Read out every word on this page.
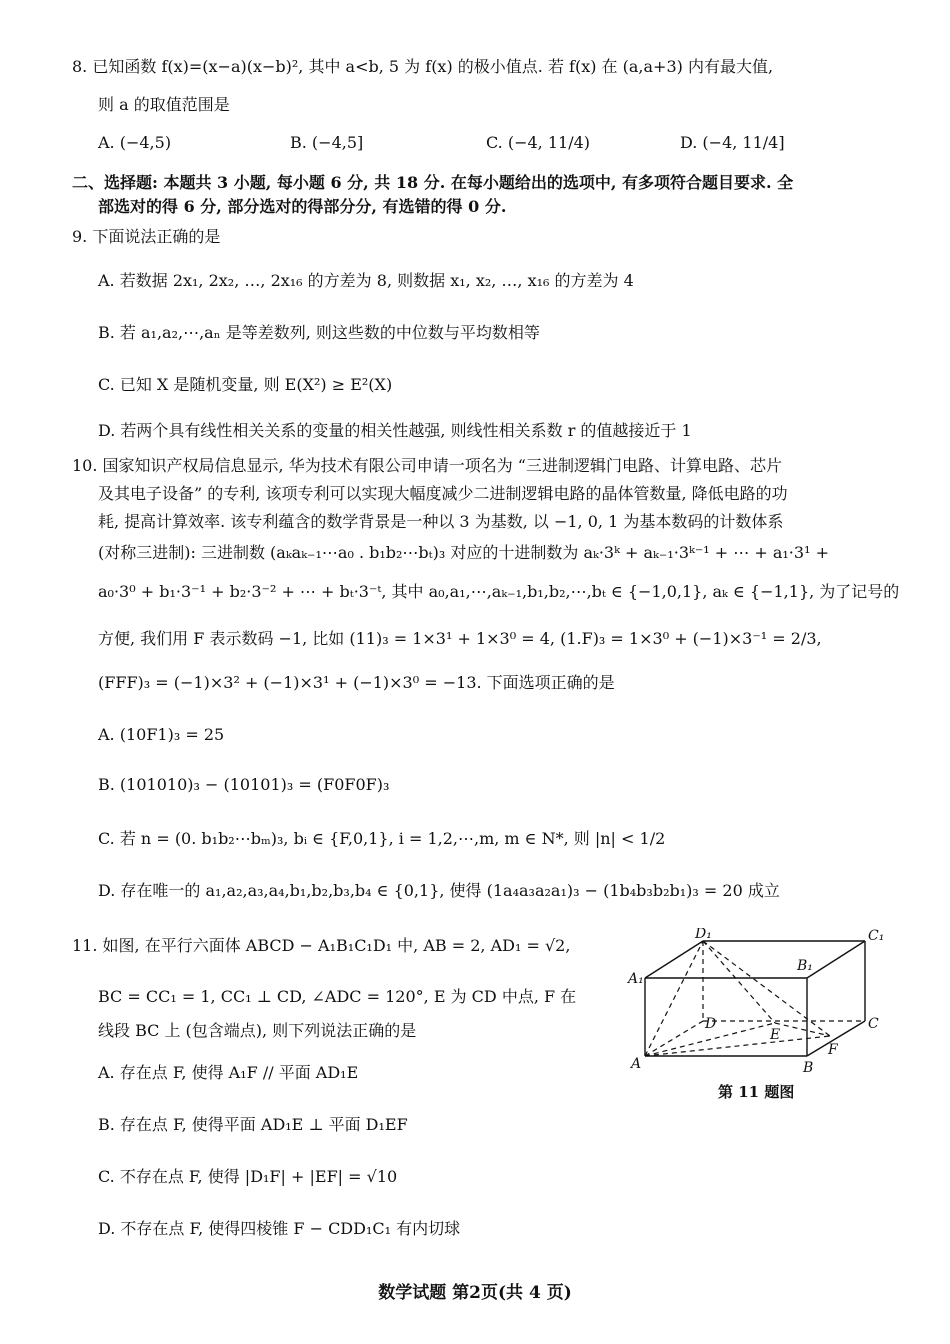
8. 已知函数 f(x)=(x−a)(x−b)², 其中 a<b, 5 为 f(x) 的极小值点. 若 f(x) 在 (a,a+3) 内有最大值,
则 a 的取值范围是
A. (−4,5)	B. (−4,5]	C. (−4, 11/4)	D. (−4, 11/4]
二、选择题: 本题共 3 小题, 每小题 6 分, 共 18 分. 在每小题给出的选项中, 有多项符合题目要求. 全
部选对的得 6 分, 部分选对的得部分分, 有选错的得 0 分.
9. 下面说法正确的是
A. 若数据 2x₁, 2x₂, …, 2x₁₆ 的方差为 8, 则数据 x₁, x₂, …, x₁₆ 的方差为 4
B. 若 a₁,a₂,⋯,aₙ 是等差数列, 则这些数的中位数与平均数相等
C. 已知 X 是随机变量, 则 E(X²) ≥ E²(X)
D. 若两个具有线性相关关系的变量的相关性越强, 则线性相关系数 r 的值越接近于 1
10. 国家知识产权局信息显示, 华为技术有限公司申请一项名为 “三进制逻辑门电路、计算电路、芯片
及其电子设备” 的专利, 该项专利可以实现大幅度减少二进制逻辑电路的晶体管数量, 降低电路的功
耗, 提高计算效率. 该专利蕴含的数学背景是一种以 3 为基数, 以 −1, 0, 1 为基本数码的计数体系
(对称三进制): 三进制数 (aₖaₖ₋₁⋯a₀ . b₁b₂⋯bₜ)₃ 对应的十进制数为 aₖ·3ᵏ + aₖ₋₁·3ᵏ⁻¹ + ⋯ + a₁·3¹ +
a₀·3⁰ + b₁·3⁻¹ + b₂·3⁻² + ⋯ + bₜ·3⁻ᵗ, 其中 a₀,a₁,⋯,aₖ₋₁,b₁,b₂,⋯,bₜ ∈ {−1,0,1}, aₖ ∈ {−1,1}, 为了记号的
方便, 我们用 F 表示数码 −1, 比如 (11)₃ = 1×3¹ + 1×3⁰ = 4, (1.F)₃ = 1×3⁰ + (−1)×3⁻¹ = 2/3,
(FFF)₃ = (−1)×3² + (−1)×3¹ + (−1)×3⁰ = −13. 下面选项正确的是
A. (10F1)₃ = 25
B. (101010)₃ − (10101)₃ = (F0F0F)₃
C. 若 n = (0. b₁b₂⋯bₘ)₃, bᵢ ∈ {F,0,1}, i = 1,2,⋯,m, m ∈ N*, 则 |n| < 1/2
D. 存在唯一的 a₁,a₂,a₃,a₄,b₁,b₂,b₃,b₄ ∈ {0,1}, 使得 (1a₄a₃a₂a₁)₃ − (1b₄b₃b₂b₁)₃ = 20 成立
11. 如图, 在平行六面体 ABCD − A₁B₁C₁D₁ 中, AB = 2, AD₁ = √2,
BC = CC₁ = 1, CC₁ ⊥ CD, ∠ADC = 120°, E 为 CD 中点, F 在
线段 BC 上 (包含端点), 则下列说法正确的是
A. 存在点 F, 使得 A₁F // 平面 AD₁E
B. 存在点 F, 使得平面 AD₁E ⊥ 平面 D₁EF
C. 不存在点 F, 使得 |D₁F| + |EF| = √10
D. 不存在点 F, 使得四棱锥 F − CDD₁C₁ 有内切球
D₁	C₁
A₁
B₁
D	C
E
A	B
F
第 11 题图
数学试题 第2页(共 4 页)
